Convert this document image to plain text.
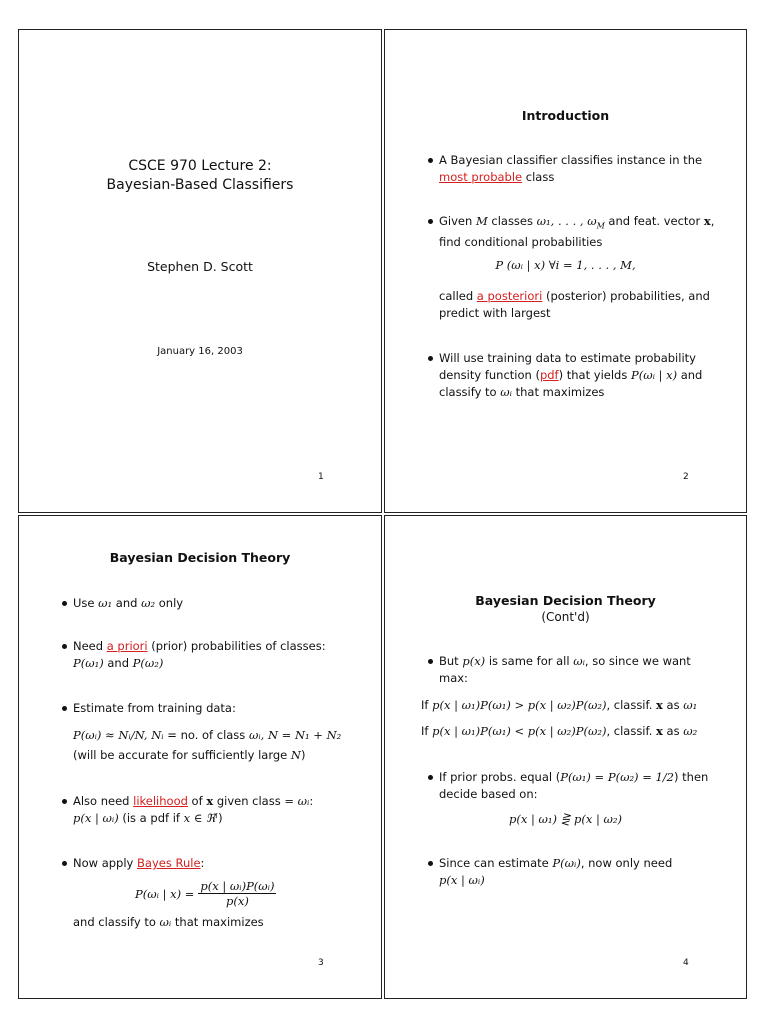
CSCE 970 Lecture 2:
Bayesian-Based Classifiers
Stephen D. Scott
January 16, 2003
1
Introduction
A Bayesian classifier classifies instance in the
most probable class
Given M classes ω₁, . . . , $\omega_M$ and feat. vector x,
find conditional probabilities
P (ωᵢ | x) ∀i = 1, . . . , M,
called a posteriori (posterior) probabilities, and
predict with largest
Will use training data to estimate probability
density function (pdf) that yields P(ωᵢ | x) and
classify to ωᵢ that maximizes
2
Bayesian Decision Theory
Use ω₁ and ω₂ only
Need a priori (prior) probabilities of classes:
P(ω₁) and P(ω₂)
Estimate from training data:
P(ωᵢ) ≈ Nᵢ/N, Nᵢ = no. of class ωᵢ, N = N₁ + N₂
(will be accurate for sufficiently large N)
Also need likelihood of x given class = ωᵢ:
p(x | ωᵢ) (is a pdf if x ∈ ℜˡ)
Now apply Bayes Rule:
P(ωᵢ | $x) = \frac{\text{p(x | ωᵢ)P(ωᵢ)}}{p(x)}$
and classify to ωᵢ that maximizes
3
Bayesian Decision Theory
(Cont'd)
But p(x) is same for all ωᵢ, so since we want
max:
If p(x | ω₁)P(ω₁) > p(x | ω₂)P(ω₂), classif. x as ω₁
If p(x | ω₁)P(ω₁) < p(x | ω₂)P(ω₂), classif. x as ω₂
If prior probs. equal (P(ω₁) = P(ω₂) = 1/2) then
decide based on:
p(x | ω₁) ⋛ p(x | ω₂)
Since can estimate P(ωᵢ), now only need
p(x | ωᵢ)
4
